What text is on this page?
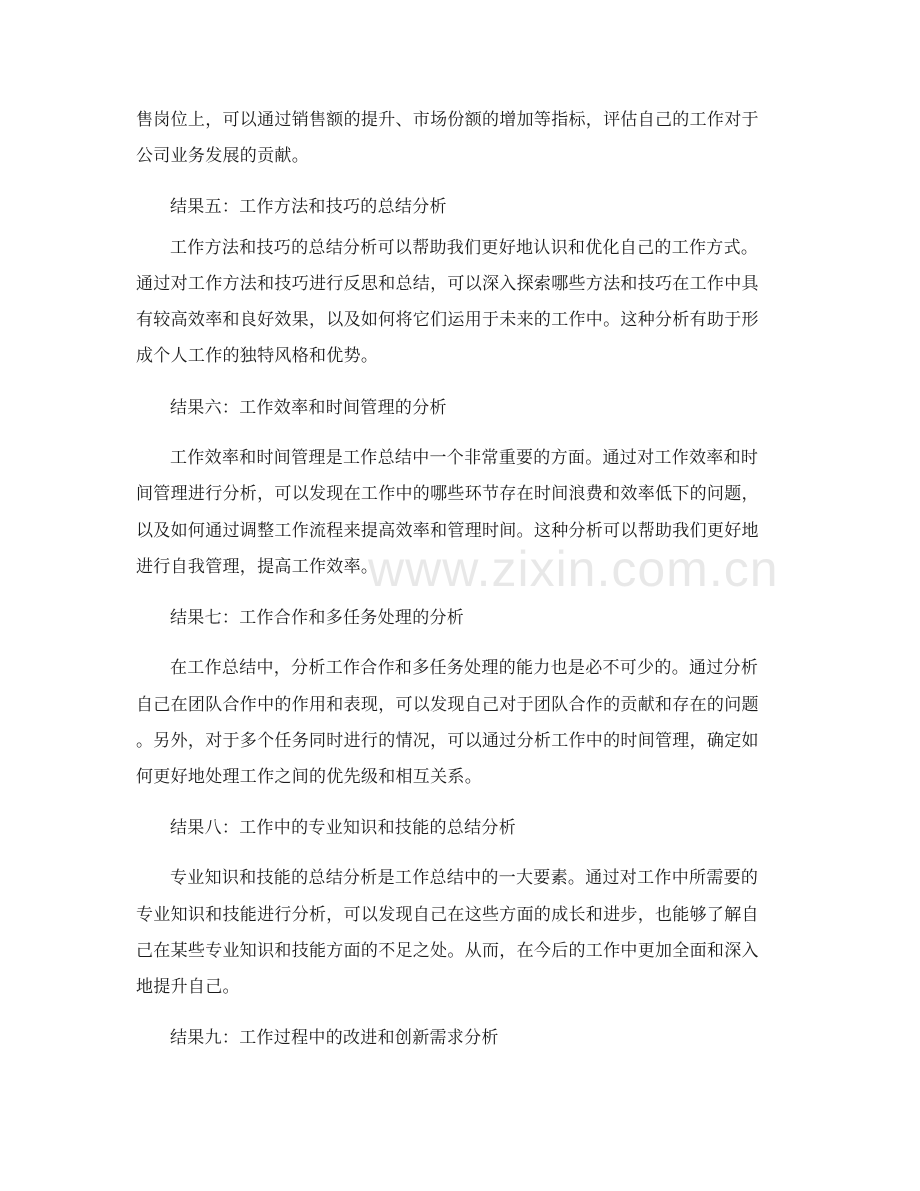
售岗位上，可以通过销售额的提升、市场份额的增加等指标，评估自己的工作对于
公司业务发展的贡献。
结果五：工作方法和技巧的总结分析
工作方法和技巧的总结分析可以帮助我们更好地认识和优化自己的工作方式。
通过对工作方法和技巧进行反思和总结，可以深入探索哪些方法和技巧在工作中具
有较高效率和良好效果，以及如何将它们运用于未来的工作中。这种分析有助于形
成个人工作的独特风格和优势。
结果六：工作效率和时间管理的分析
工作效率和时间管理是工作总结中一个非常重要的方面。通过对工作效率和时
间管理进行分析，可以发现在工作中的哪些环节存在时间浪费和效率低下的问题，
以及如何通过调整工作流程来提高效率和管理时间。这种分析可以帮助我们更好地
进行自我管理，提高工作效率。
结果七：工作合作和多任务处理的分析
在工作总结中，分析工作合作和多任务处理的能力也是必不可少的。通过分析
自己在团队合作中的作用和表现，可以发现自己对于团队合作的贡献和存在的问题
。另外，对于多个任务同时进行的情况，可以通过分析工作中的时间管理，确定如
何更好地处理工作之间的优先级和相互关系。
结果八：工作中的专业知识和技能的总结分析
专业知识和技能的总结分析是工作总结中的一大要素。通过对工作中所需要的
专业知识和技能进行分析，可以发现自己在这些方面的成长和进步，也能够了解自
己在某些专业知识和技能方面的不足之处。从而，在今后的工作中更加全面和深入
地提升自己。
结果九：工作过程中的改进和创新需求分析
www.zixin.com.cn
